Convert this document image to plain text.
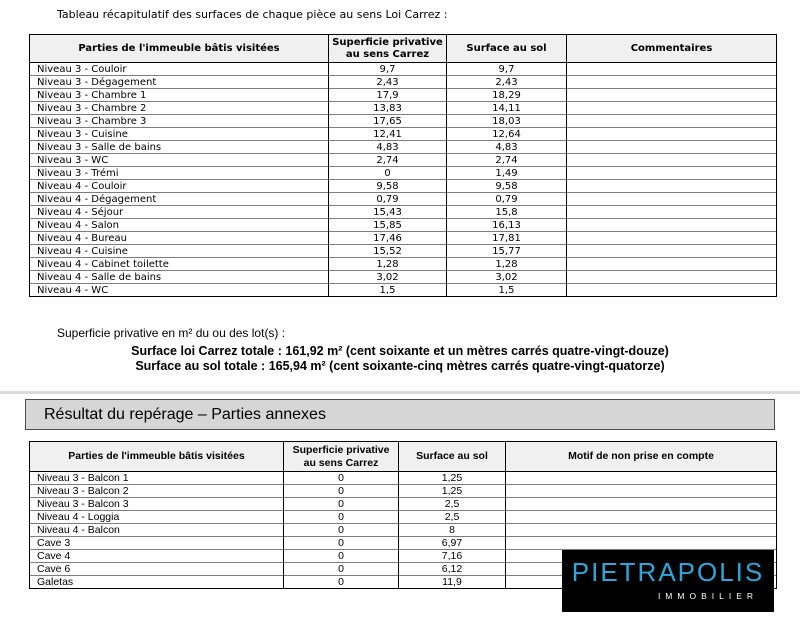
Tableau récapitulatif des surfaces de chaque pièce au sens Loi Carrez :
Parties de l'immeuble bâtis visitées	Superficie privative au sens Carrez	Surface au sol	Commentaires
Niveau 3 - Couloir	9,7	9,7	
Niveau 3 - Dégagement	2,43	2,43	
Niveau 3 - Chambre 1	17,9	18,29	
Niveau 3 - Chambre 2	13,83	14,11	
Niveau 3 - Chambre 3	17,65	18,03	
Niveau 3 - Cuisine	12,41	12,64	
Niveau 3 - Salle de bains	4,83	4,83	
Niveau 3 - WC	2,74	2,74	
Niveau 3 - Trémi	0	1,49	
Niveau 4 - Couloir	9,58	9,58	
Niveau 4 - Dégagement	0,79	0,79	
Niveau 4 - Séjour	15,43	15,8	
Niveau 4 - Salon	15,85	16,13	
Niveau 4 - Bureau	17,46	17,81	
Niveau 4 - Cuisine	15,52	15,77	
Niveau 4 - Cabinet toilette	1,28	1,28	
Niveau 4 - Salle de bains	3,02	3,02	
Niveau 4 - WC	1,5	1,5	
Superficie privative en m² du ou des lot(s) :
Surface loi Carrez totale : 161,92 m² (cent soixante et un mètres carrés quatre-vingt-douze)
Surface au sol totale : 165,94 m² (cent soixante-cinq mètres carrés quatre-vingt-quatorze)
Résultat du repérage – Parties annexes
Parties de l'immeuble bâtis visitées	Superficie privative au sens Carrez	Surface au sol	Motif de non prise en compte
Niveau 3 - Balcon 1	0	1,25	
Niveau 3 - Balcon 2	0	1,25	
Niveau 3 - Balcon 3	0	2,5	
Niveau 4 - Loggia	0	2,5	
Niveau 4 - Balcon	0	8	
Cave 3	0	6,97	
Cave 4	0	7,16	
Cave 6	0	6,12	
Galetas	0	11,9		PIETRAPOLIS
IMMOBILIER
